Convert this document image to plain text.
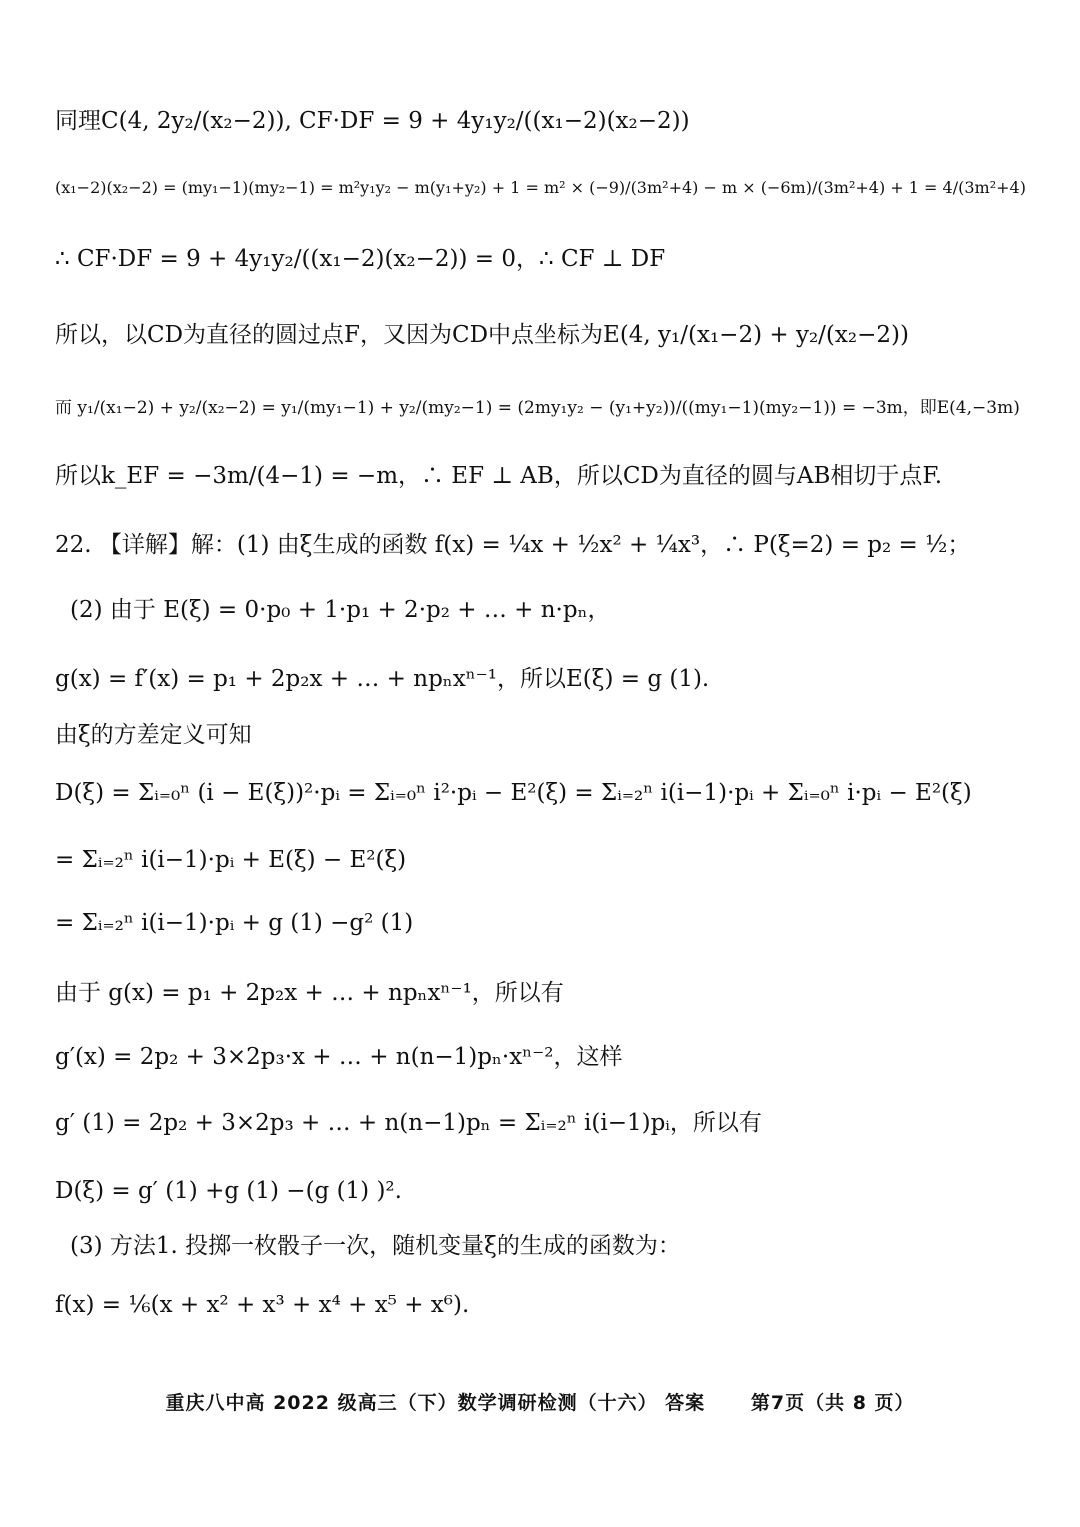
同理C(4, 2y₂/(x₂−2)), CF·DF = 9 + 4y₁y₂/((x₁−2)(x₂−2))
(x₁−2)(x₂−2) = (my₁−1)(my₂−1) = m²y₁y₂ − m(y₁+y₂) + 1 = m² × (−9)/(3m²+4) − m × (−6m)/(3m²+4) + 1 = 4/(3m²+4)
∴ CF·DF = 9 + 4y₁y₂/((x₁−2)(x₂−2)) = 0，∴ CF ⊥ DF
所以，以CD为直径的圆过点F，又因为CD中点坐标为E(4, y₁/(x₁−2) + y₂/(x₂−2))
而 y₁/(x₁−2) + y₂/(x₂−2) = y₁/(my₁−1) + y₂/(my₂−1) = (2my₁y₂ − (y₁+y₂))/((my₁−1)(my₂−1)) = −3m，即E(4,−3m)
所以k_EF = −3m/(4−1) = −m，∴ EF ⊥ AB，所以CD为直径的圆与AB相切于点F.
22. 【详解】解：(1) 由ξ生成的函数 f(x) = ¼x + ½x² + ¼x³，∴ P(ξ=2) = p₂ = ½；
(2) 由于 E(ξ) = 0·p₀ + 1·p₁ + 2·p₂ + … + n·pₙ，
g(x) = f′(x) = p₁ + 2p₂x + … + npₙxⁿ⁻¹，所以E(ξ) = g (1).
由ξ的方差定义可知
D(ξ) = Σᵢ₌₀ⁿ (i − E(ξ))²·pᵢ = Σᵢ₌₀ⁿ i²·pᵢ − E²(ξ) = Σᵢ₌₂ⁿ i(i−1)·pᵢ + Σᵢ₌₀ⁿ i·pᵢ − E²(ξ)
= Σᵢ₌₂ⁿ i(i−1)·pᵢ + E(ξ) − E²(ξ)
= Σᵢ₌₂ⁿ i(i−1)·pᵢ + g (1) −g² (1)
由于 g(x) = p₁ + 2p₂x + … + npₙxⁿ⁻¹，所以有
g′(x) = 2p₂ + 3×2p₃·x + … + n(n−1)pₙ·xⁿ⁻²，这样
g′ (1) = 2p₂ + 3×2p₃ + … + n(n−1)pₙ = Σᵢ₌₂ⁿ i(i−1)pᵢ，所以有
D(ξ) = g′ (1) +g (1) −(g (1) )².
(3) 方法1. 投掷一枚骰子一次，随机变量ξ的生成的函数为：
f(x) = ⅙(x + x² + x³ + x⁴ + x⁵ + x⁶).
重庆八中高 2022 级高三（下）数学调研检测（十六） 答案      第7页（共 8 页）
